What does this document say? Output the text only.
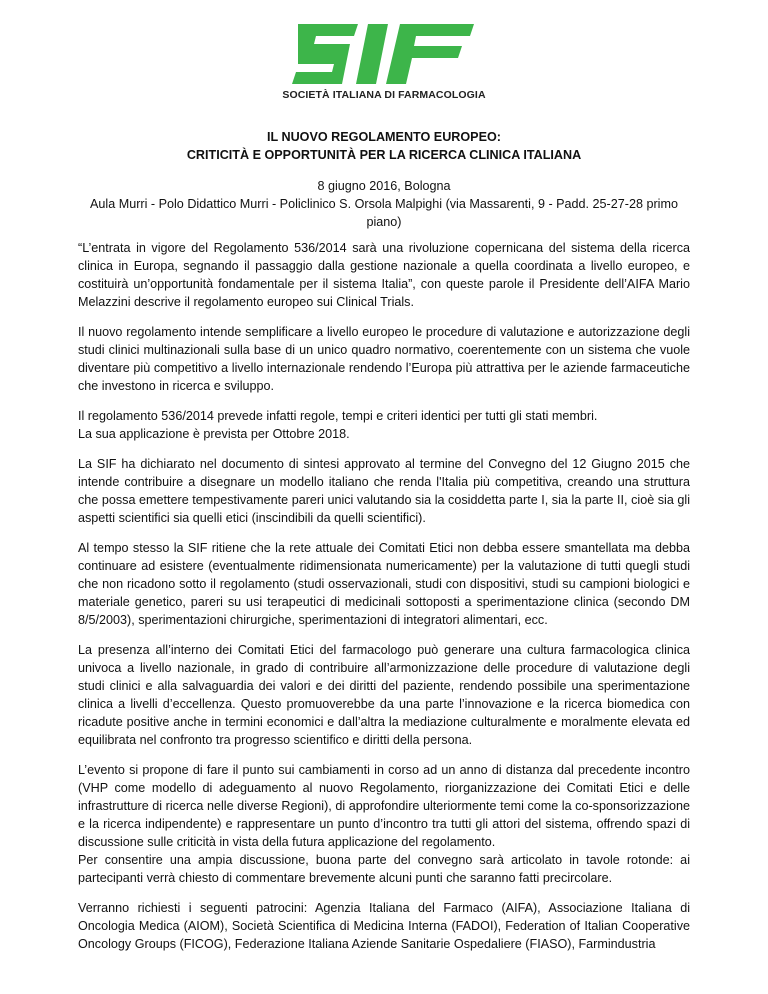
SOCIETÀ ITALIANA DI FARMACOLOGIA
IL NUOVO REGOLAMENTO EUROPEO:
CRITICITÀ E OPPORTUNITÀ PER LA RICERCA CLINICA ITALIANA
8 giugno 2016, Bologna
Aula Murri - Polo Didattico Murri - Policlinico S. Orsola Malpighi (via Massarenti, 9 - Padd. 25-27-28 primo piano)

“L’entrata in vigore del Regolamento 536/2014 sarà una rivoluzione copernicana del sistema della ricerca clinica in Europa, segnando il passaggio dalla gestione nazionale a quella coordinata a livello europeo, e costituirà un’opportunità fondamentale per il sistema Italia”, con queste parole il Presidente dell’AIFA Mario Melazzini descrive il regolamento europeo sui Clinical Trials.

Il nuovo regolamento intende semplificare a livello europeo le procedure di valutazione e autorizzazione degli studi clinici multinazionali sulla base di un unico quadro normativo, coerentemente con un sistema che vuole diventare più competitivo a livello internazionale rendendo l’Europa più attrattiva per le aziende farmaceutiche che investono in ricerca e sviluppo.

Il regolamento 536/2014 prevede infatti regole, tempi e criteri identici per tutti gli stati membri.
La sua applicazione è prevista per Ottobre 2018.

La SIF ha dichiarato nel documento di sintesi approvato al termine del Convegno del 12 Giugno 2015 che intende contribuire a disegnare un modello italiano che renda l'Italia più competitiva, creando una struttura che possa emettere tempestivamente pareri unici valutando sia la cosiddetta parte I, sia la parte II, cioè sia gli aspetti scientifici sia quelli etici (inscindibili da quelli scientifici).

Al tempo stesso la SIF ritiene che la rete attuale dei Comitati Etici non debba essere smantellata ma debba continuare ad esistere (eventualmente ridimensionata numericamente) per la valutazione di tutti quegli studi che non ricadono sotto il regolamento (studi osservazionali, studi con dispositivi, studi su campioni biologici e materiale genetico, pareri su usi terapeutici di medicinali sottoposti a sperimentazione clinica (secondo DM 8/5/2003), sperimentazioni chirurgiche, sperimentazioni di integratori alimentari, ecc.

La presenza all’interno dei Comitati Etici del farmacologo può generare una cultura farmacologica clinica univoca a livello nazionale, in grado di contribuire all’armonizzazione delle procedure di valutazione degli studi clinici e alla salvaguardia dei valori e dei diritti del paziente, rendendo possibile una sperimentazione clinica a livelli d’eccellenza. Questo promuoverebbe da una parte l’innovazione e la ricerca biomedica con ricadute positive anche in termini economici e dall’altra la mediazione culturalmente e moralmente elevata ed equilibrata nel confronto tra progresso scientifico e diritti della persona.

L’evento si propone di fare il punto sui cambiamenti in corso ad un anno di distanza dal precedente incontro (VHP come modello di adeguamento al nuovo Regolamento, riorganizzazione dei Comitati Etici e delle infrastrutture di ricerca nelle diverse Regioni), di approfondire ulteriormente temi come la co-sponsorizzazione e la ricerca indipendente) e rappresentare un punto d’incontro tra tutti gli attori del sistema, offrendo spazi di discussione sulle criticità in vista della futura applicazione del regolamento.
Per consentire una ampia discussione, buona parte del convegno sarà articolato in tavole rotonde: ai partecipanti verrà chiesto di commentare brevemente alcuni punti che saranno fatti precircolare.

Verranno richiesti i seguenti patrocini: Agenzia Italiana del Farmaco (AIFA), Associazione Italiana di Oncologia Medica (AIOM), Società Scientifica di Medicina Interna (FADOI), Federation of Italian Cooperative Oncology Groups (FICOG), Federazione Italiana Aziende Sanitarie Ospedaliere (FIASO), Farmindustria
